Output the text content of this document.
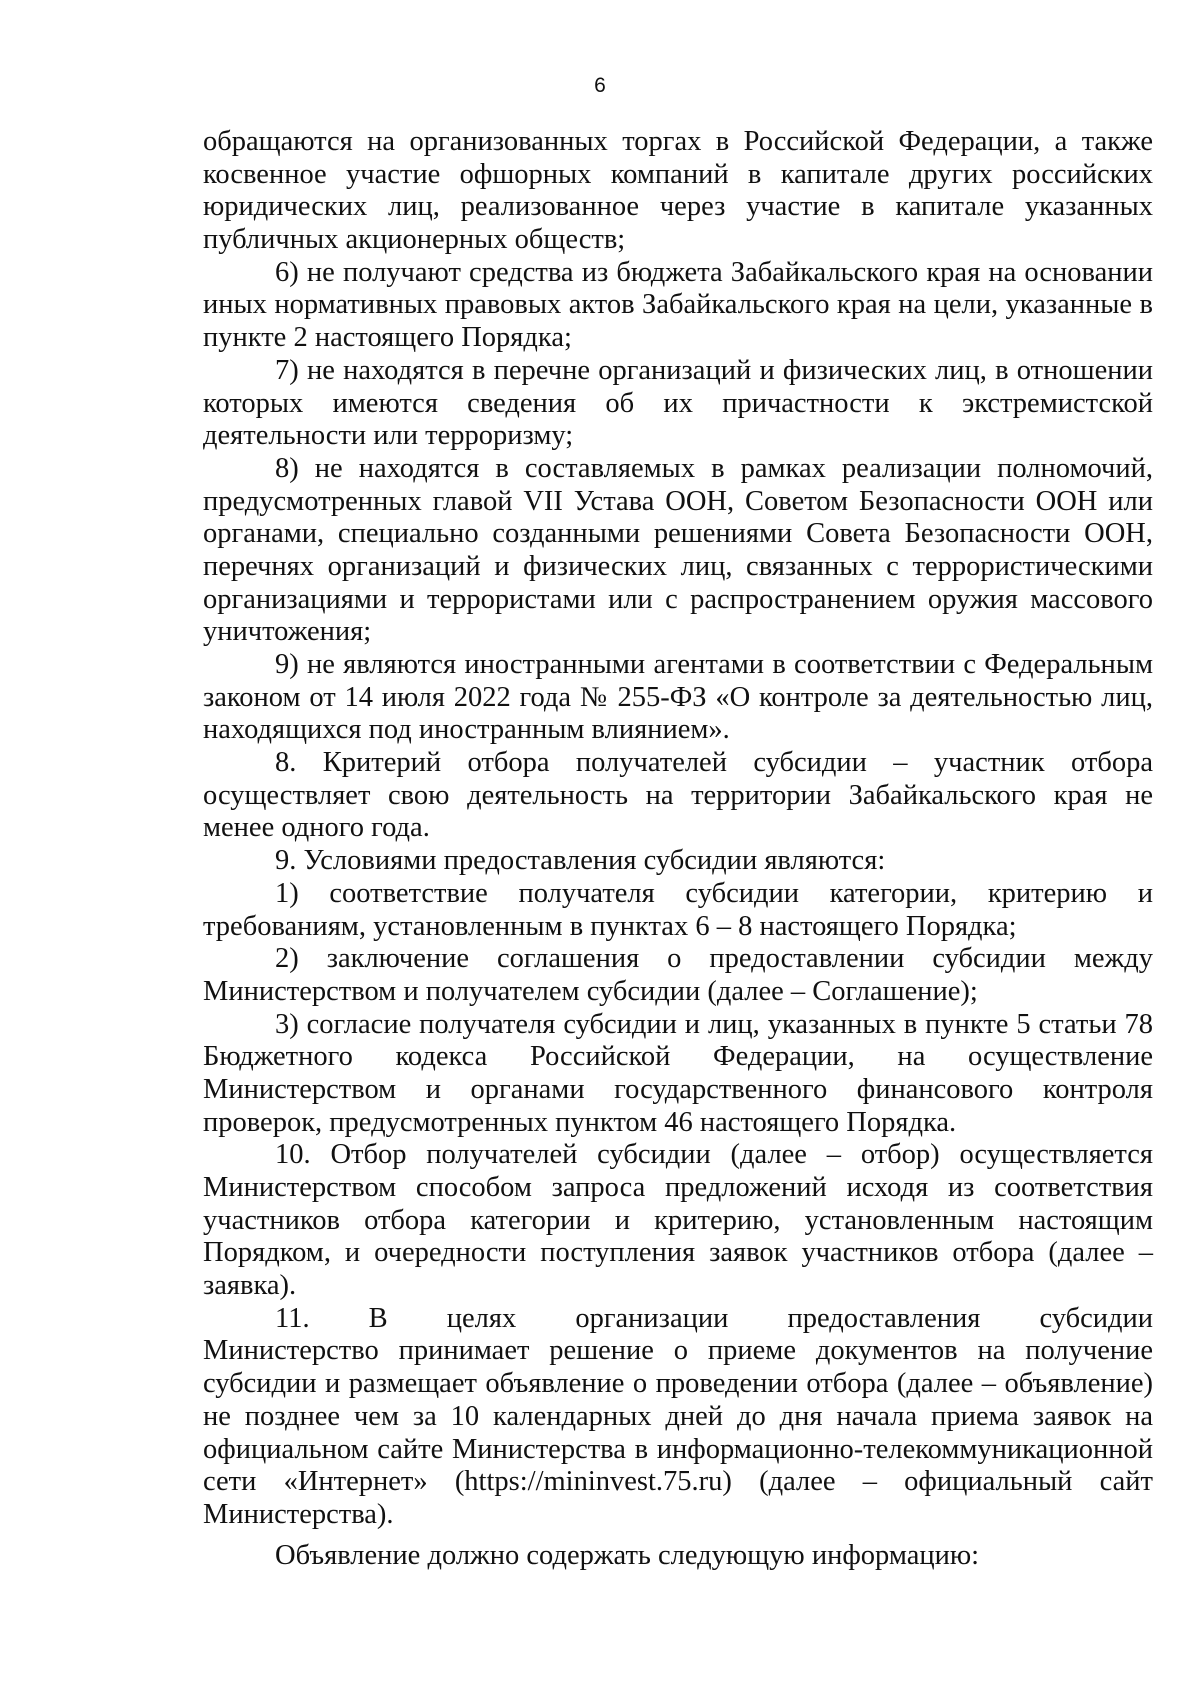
6
обращаются на организованных торгах в Российской Федерации, а также
косвенное участие офшорных компаний в капитале других российских
юридических лиц, реализованное через участие в капитале указанных
публичных акционерных обществ;
6) не получают средства из бюджета Забайкальского края на основании
иных нормативных правовых актов Забайкальского края на цели, указанные в
пункте 2 настоящего Порядка;
7) не находятся в перечне организаций и физических лиц, в отношении
которых имеются сведения об их причастности к экстремистской
деятельности или терроризму;
8) не находятся в составляемых в рамках реализации полномочий,
предусмотренных главой VII Устава ООН, Советом Безопасности ООН или
органами, специально созданными решениями Совета Безопасности ООН,
перечнях организаций и физических лиц, связанных с террористическими
организациями и террористами или с распространением оружия массового
уничтожения;
9) не являются иностранными агентами в соответствии с Федеральным
законом от 14 июля 2022 года № 255-ФЗ «О контроле за деятельностью лиц,
находящихся под иностранным влиянием».
8. Критерий отбора получателей субсидии – участник отбора
осуществляет свою деятельность на территории Забайкальского края не
менее одного года.
9. Условиями предоставления субсидии являются:
1) соответствие получателя субсидии категории, критерию и
требованиям, установленным в пунктах 6 – 8 настоящего Порядка;
2) заключение соглашения о предоставлении субсидии между
Министерством и получателем субсидии (далее – Соглашение);
3) согласие получателя субсидии и лиц, указанных в пункте 5 статьи 78
Бюджетного кодекса Российской Федерации, на осуществление
Министерством и органами государственного финансового контроля
проверок, предусмотренных пунктом 46 настоящего Порядка.
10. Отбор получателей субсидии (далее – отбор) осуществляется
Министерством способом запроса предложений исходя из соответствия
участников отбора категории и критерию, установленным настоящим
Порядком, и очередности поступления заявок участников отбора (далее –
заявка).
11. В целях организации предоставления субсидии
Министерство принимает решение о приеме документов на получение
субсидии и размещает объявление о проведении отбора (далее – объявление)
не позднее чем за 10 календарных дней до дня начала приема заявок на
официальном сайте Министерства в информационно-телекоммуникационной
сети «Интернет» (https://mininvest.75.ru) (далее – официальный сайт
Министерства).
Объявление должно содержать следующую информацию:
